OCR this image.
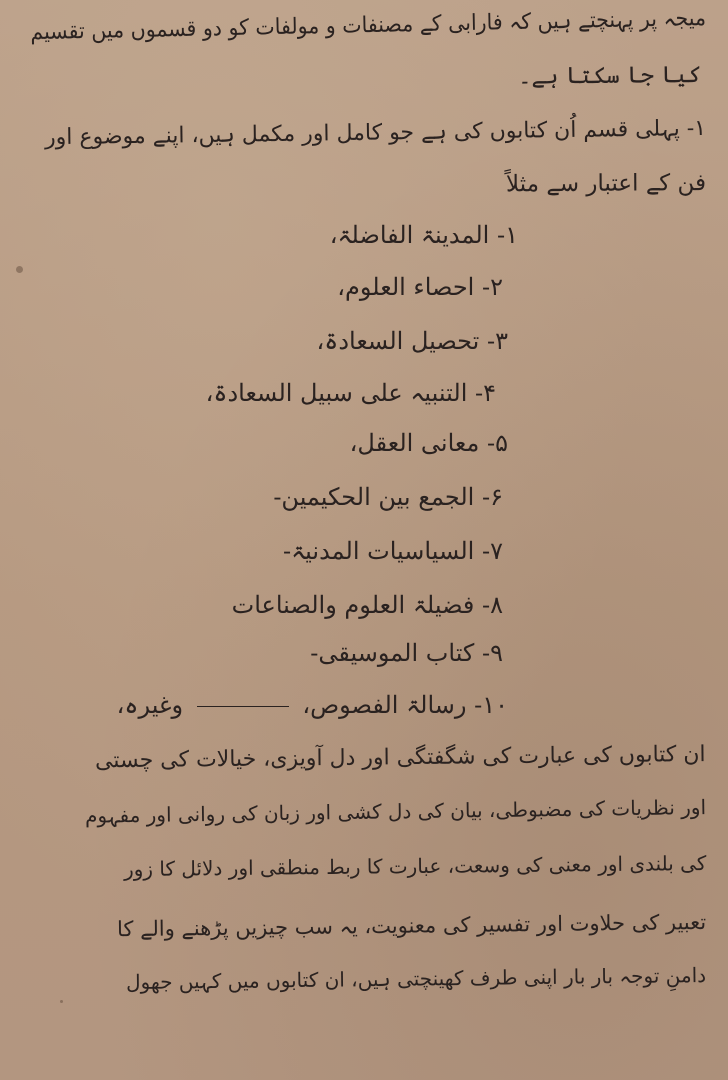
میجہ پر پہنچتے ہیں کہ فارابی کے مصنفات و مولفات کو دو قسموں میں تقسیم
کیا جا سکتا ہے۔
۱- پہلی قسم اُن کتابوں کی ہے جو کامل اور مکمل ہیں، اپنے موضوع اور
فن کے اعتبار سے مثلاً
۱- المدینۃ الفاضلۃ،
۲- احصاء العلوم،
۳- تحصیل السعادۃ،
۴- التنبیہ علی سبیل السعادۃ،
۵- معانی العقل،
۶- الجمع بین الحکیمین-
۷- السیاسیات المدنیۃ-
۸- فضیلۃ العلوم والصناعات
۹- کتاب الموسیقی-
۱۰- رسالۃ الفصوص،  وغیرہ،
ان کتابوں کی عبارت کی شگفتگی اور دل آویزی، خیالات کی چستی
اور نظریات کی مضبوطی، بیان کی دل کشی اور زبان کی روانی اور مفہوم
کی بلندی اور معنی کی وسعت، عبارت کا ربط منطقی اور دلائل کا زور
تعبیر کی حلاوت اور تفسیر کی معنویت، یہ سب چیزیں پڑھنے والے کا
دامنِ توجہ بار بار اپنی طرف کھینچتی ہیں، ان کتابوں میں کہیں جھول
